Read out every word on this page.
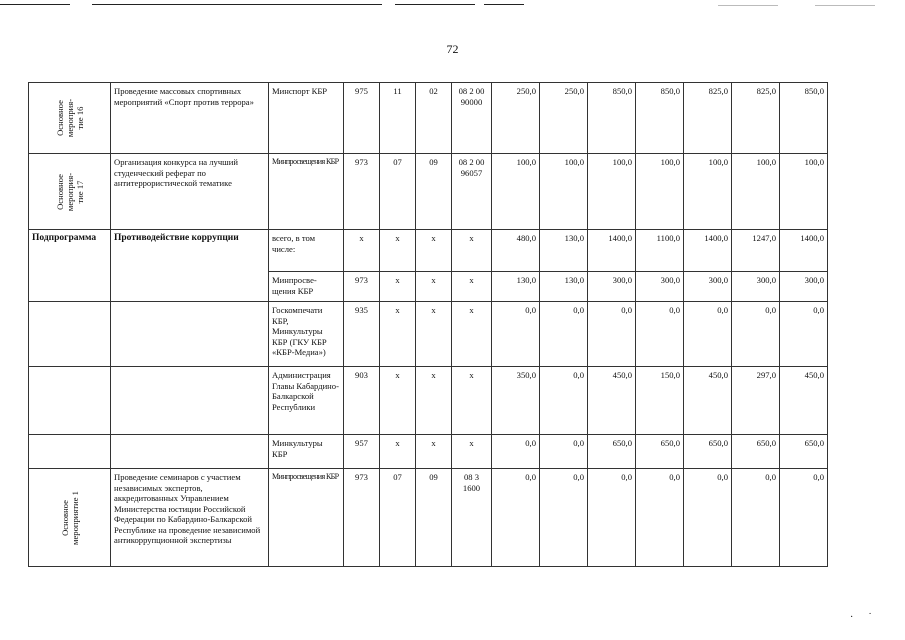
72
Основное мероприя- тие 16	Проведение массовых спортивных мероприятий «Спорт против террора»	Минспорт КБР	975	11	02	08 2 00 90000	250,0	250,0	850,0	850,0	825,0	825,0	850,0

Основное мероприя- тие 17	Организация конкурса на лучший студенческий реферат по антитеррористической тематике	Минпросвещения КБР	973	07	09	08 2 00 96057	100,0	100,0	100,0	100,0	100,0	100,0	100,0
Подпрограмма	Противодействие коррупции	всего, в том числе:	x	x	x	x	480,0	130,0	1400,0	1100,0	1400,0	1247,0	1400,0
		Минпросве-щения КБР	973	x	x	x	130,0	130,0	300,0	300,0	300,0	300,0	300,0
		Госкомпечати КБР, Минкультуры КБР (ГКУ КБР «КБР-Медиа»)	935	x	x	x	0,0	0,0	0,0	0,0	0,0	0,0	0,0
		Администрация Главы Кабардино-Балкарской Республики	903	x	x	x	350,0	0,0	450,0	150,0	450,0	297,0	450,0
		Минкультуры КБР	957	x	x	x	0,0	0,0	650,0	650,0	650,0	650,0	650,0

Основное мероприятие 1	Проведение семинаров с участием независимых экспертов, аккредитованных Управлением Министерства юстиции Российской Федерации по Кабардино-Балкарской Республике на проведение независимой антикоррупционной экспертизы	Минпросвещения КБР	973	07	09	08 3 1600	0,0	0,0	0,0	0,0	0,0	0,0	0,0
·      ˙
